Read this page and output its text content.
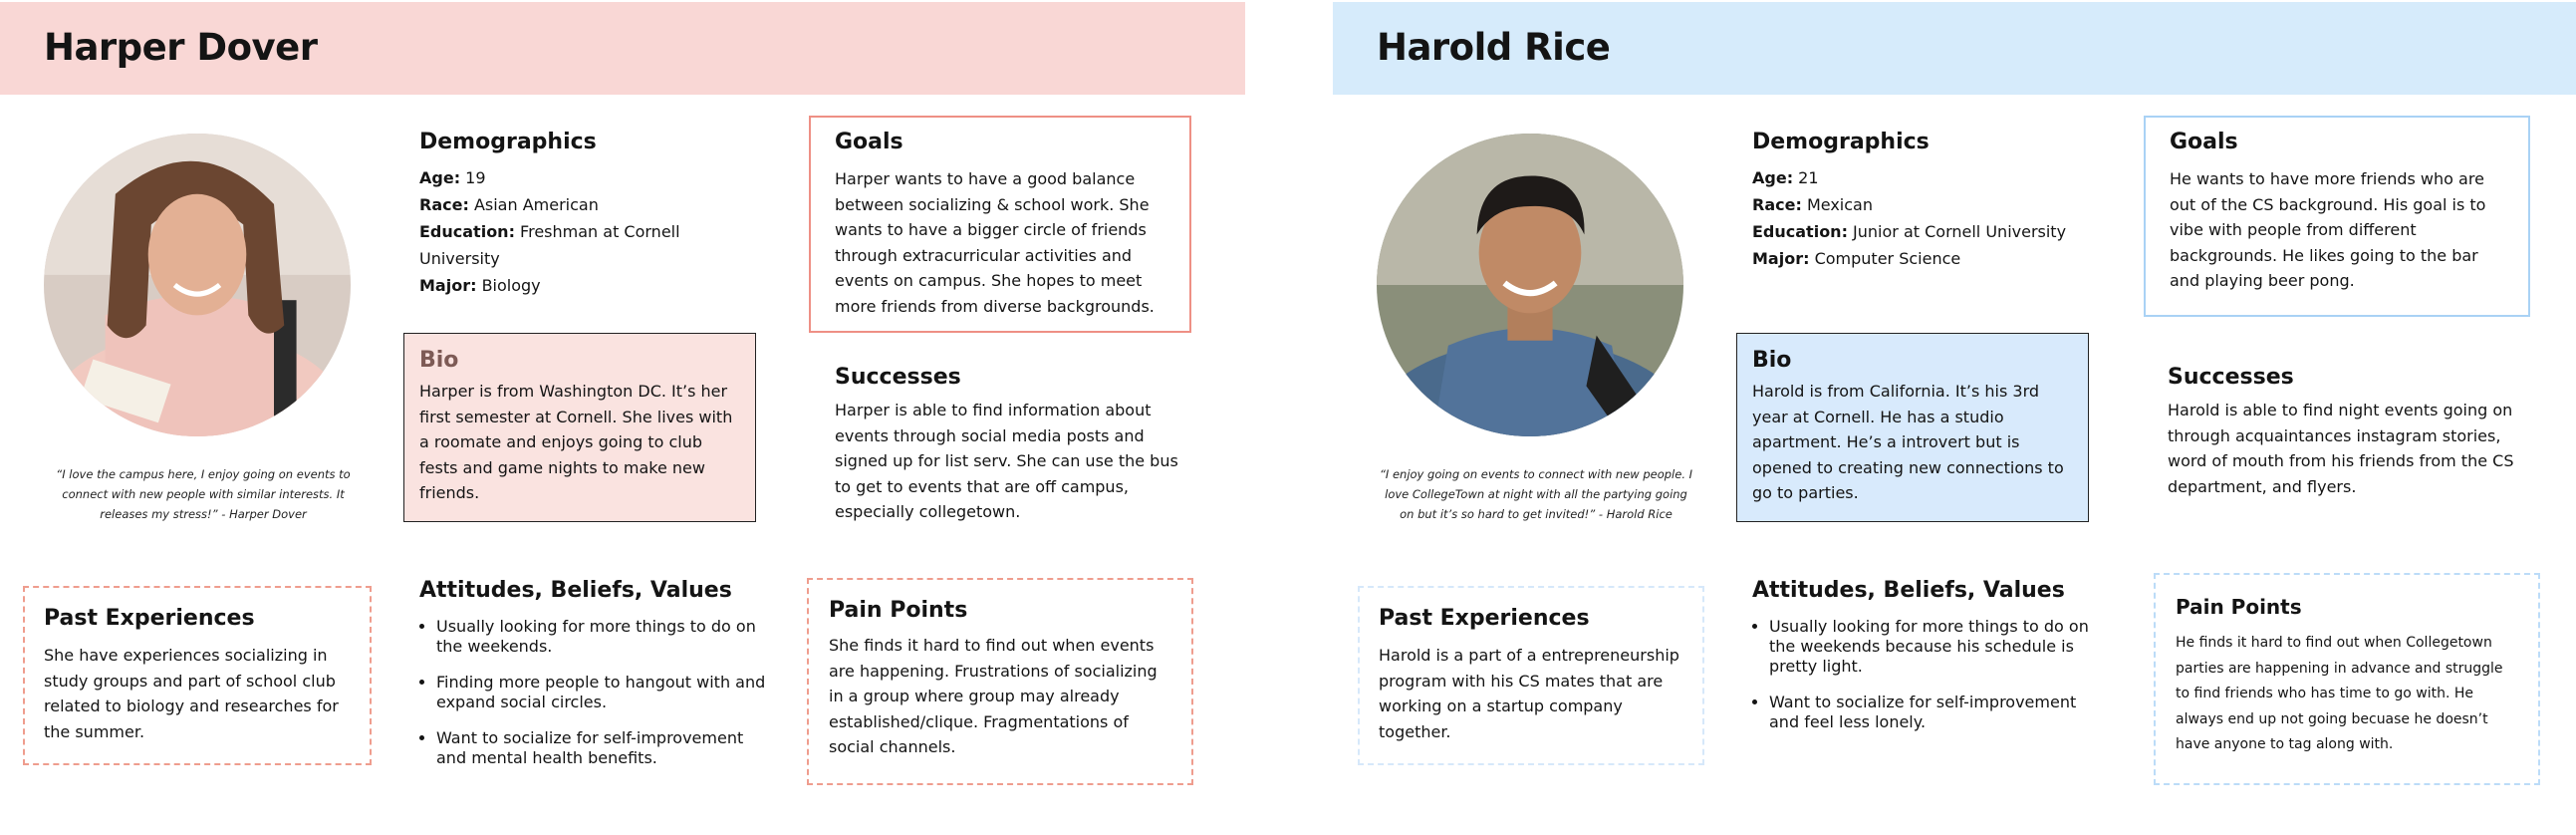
Harper Dover
“I love the campus here, I enjoy going on events to connect with new people with similar interests. It releases my stress!” - Harper Dover
Demographics
Age: 19
Race: Asian American
Education: Freshman at Cornell University
Major: Biology
Bio
Harper is from Washington DC. It’s her first semester at Cornell. She lives with a roomate and enjoys going to club fests and game nights to make new friends.
Goals
Harper wants to have a good balance between socializing & school work. She wants to have a bigger circle of friends through extracurricular activities and events on campus. She hopes to meet more friends from diverse backgrounds.
Successes
Harper is able to find information about events through social media posts and signed up for list serv. She can use the bus to get to events that are off campus, especially collegetown.
Past Experiences
She have experiences socializing in study groups and part of school club related to biology and researches for the summer.
Attitudes, Beliefs, Values
• Usually looking for more things to do on the weekends.
• Finding more people to hangout with and expand social circles.
• Want to socialize for self-improvement and mental health benefits.
Pain Points
She finds it hard to find out when events are happening. Frustrations of socializing in a group where group may already established/clique. Fragmentations of social channels.
Harold Rice
“I enjoy going on events to connect with new people. I love CollegeTown at night with all the partying going on but it’s so hard to get invited!” - Harold Rice
Demographics
Age: 21
Race: Mexican
Education: Junior at Cornell University
Major: Computer Science
Bio
Harold is from California. It’s his 3rd year at Cornell. He has a studio apartment. He’s a introvert but is opened to creating new connections to go to parties.
Goals
He wants to have more friends who are out of the CS background. His goal is to vibe with people from different backgrounds. He likes going to the bar and playing beer pong.
Successes
Harold is able to find night events going on through acquaintances instagram stories, word of mouth from his friends from the CS department, and flyers.
Past Experiences
Harold is a part of a entrepreneurship program with his CS mates that are working on a startup company together.
Attitudes, Beliefs, Values
• Usually looking for more things to do on the weekends because his schedule is pretty light.
• Want to socialize for self-improvement and feel less lonely.
Pain Points
He finds it hard to find out when Collegetown parties are happening in advance and struggle to find friends who has time to go with. He always end up not going becuase he doesn’t have anyone to tag along with.
